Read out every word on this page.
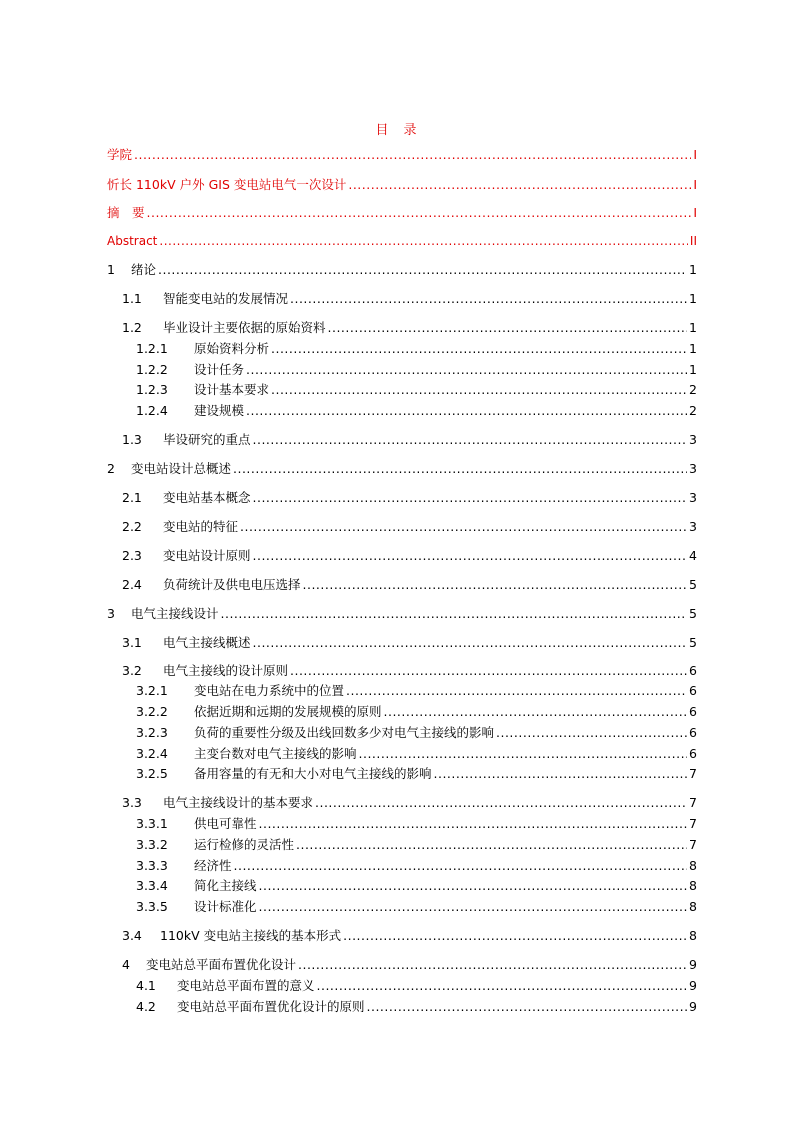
目　录
学院 .....	I
忻长 110kV 户外 GIS 变电站电气一次设计 .....	I
摘　要 .....	I
Abstract .....	II
1	绪论 .....	1
1.1	智能变电站的发展情况 .....	1
1.2	毕业设计主要依据的原始资料 .....	1
1.2.1	原始资料分析 .....	1
1.2.2	设计任务 .....	1
1.2.3	设计基本要求 .....	2
1.2.4	建设规模 .....	2
1.3	毕设研究的重点 .....	3
2	变电站设计总概述 .....	3
2.1	变电站基本概念 .....	3
2.2	变电站的特征 .....	3
2.3	变电站设计原则 .....	4
2.4	负荷统计及供电电压选择 .....	5
3	电气主接线设计 .....	5
3.1	电气主接线概述 .....	5
3.2	电气主接线的设计原则 .....	6
3.2.1	变电站在电力系统中的位置 .....	6
3.2.2	依据近期和远期的发展规模的原则 .....	6
3.2.3	负荷的重要性分级及出线回数多少对电气主接线的影响 .....	6
3.2.4	主变台数对电气主接线的影响 .....	6
3.2.5	备用容量的有无和大小对电气主接线的影响 .....	7
3.3	电气主接线设计的基本要求 .....	7
3.3.1	供电可靠性 .....	7
3.3.2	运行检修的灵活性 .....	7
3.3.3	经济性 .....	8
3.3.4	简化主接线 .....	8
3.3.5	设计标准化 .....	8
3.4	110kV 变电站主接线的基本形式 .....	8
4	变电站总平面布置优化设计 .....	9
4.1	变电站总平面布置的意义 .....	9
4.2	变电站总平面布置优化设计的原则 .....	9
